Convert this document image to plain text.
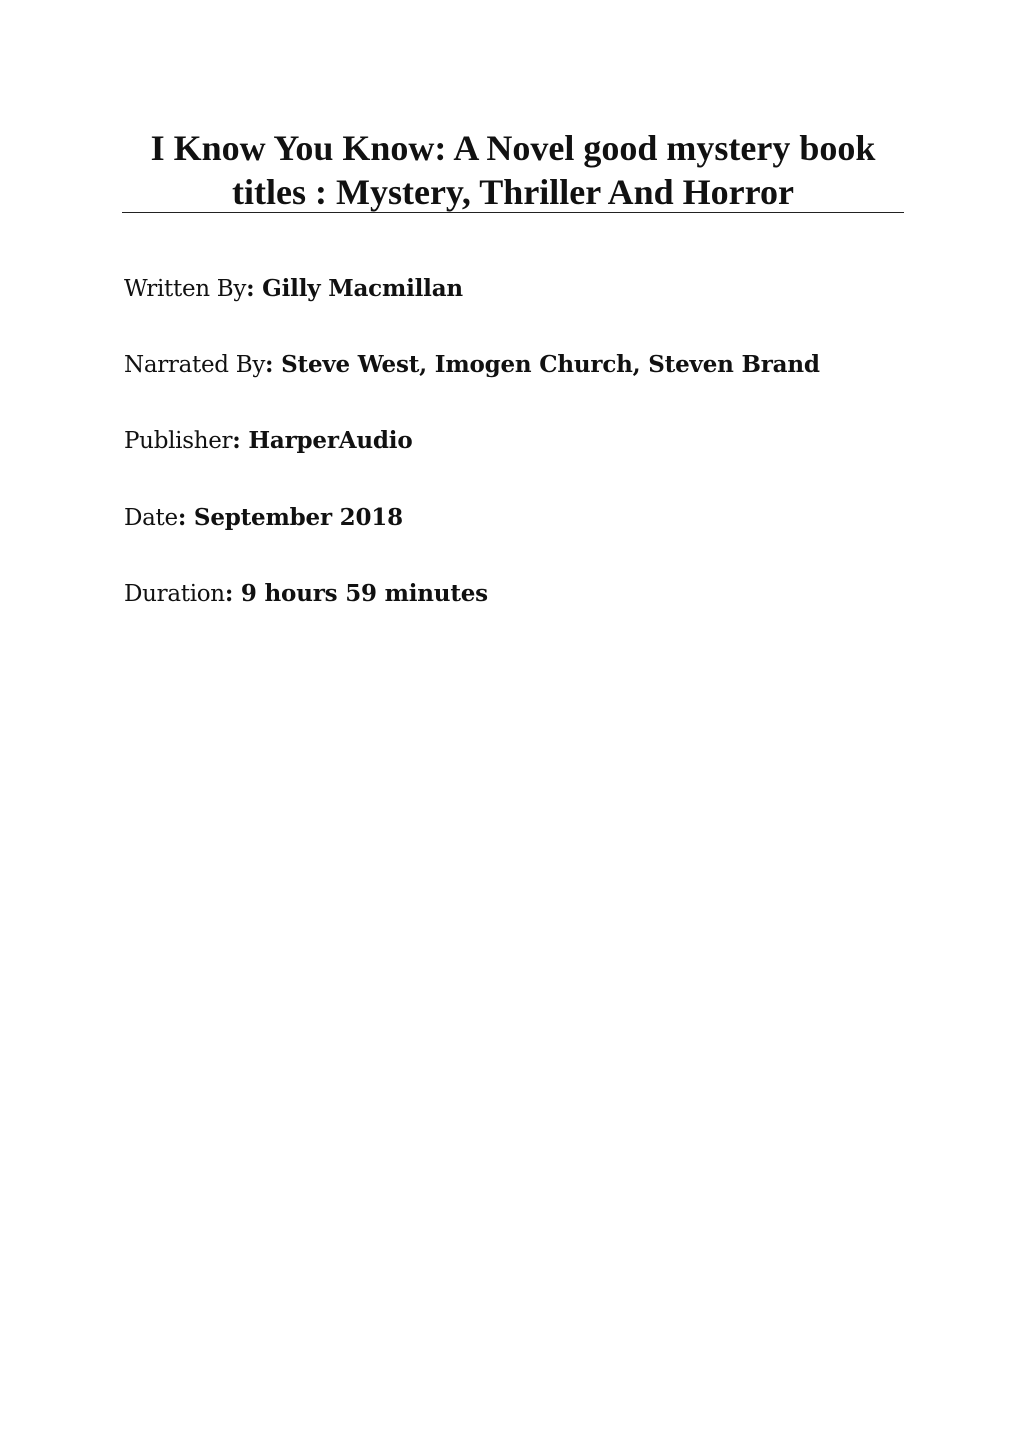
I Know You Know: A Novel good mystery book titles : Mystery, Thriller And Horror
Written By: Gilly Macmillan
Narrated By: Steve West, Imogen Church, Steven Brand
Publisher: HarperAudio
Date: September 2018
Duration: 9 hours 59 minutes
